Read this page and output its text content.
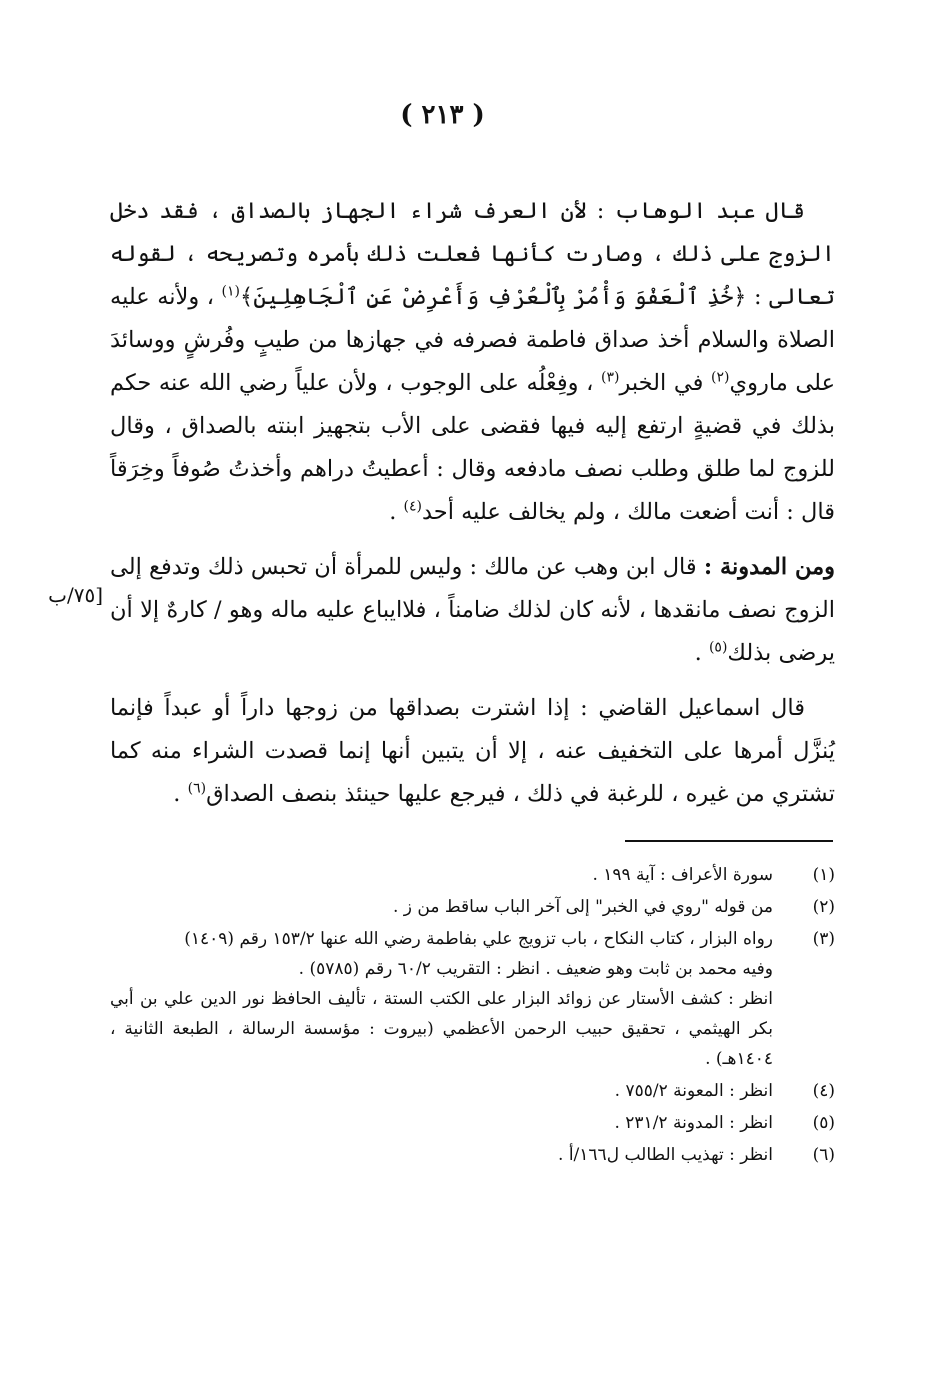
( ٢١٣ )
[٧٥/ب

قال عبد الوهاب : لأن العرف شراء الجهاز بالصداق ، فقد دخل الزوج على ذلك ، وصارت كأنها فعلت ذلك بأمره وتصريحه ، لقوله تعالى : ﴿خُذِ ٱلْعَفْوَ وَأْمُرْ بِٱلْعُرْفِ وَأَعْرِضْ عَنِ ٱلْجَاهِلِينَ﴾$^{(١)}$ ، ولأنه عليه الصلاة والسلام أخذ صداق فاطمة فصرفه في جهازها من طيبٍ وفُرشٍ ووسائدَ على ماروي$^{(٢)}$ في الخبر$^{(٣)}$ ، وفِعْلُه على الوجوب ، ولأن علياً رضي الله عنه حكم بذلك في قضيةٍ ارتفع إليه فيها فقضى على الأب بتجهيز ابنته بالصداق ، وقال للزوج لما طلق وطلب نصف مادفعه وقال : أعطيتُ دراهم وأخذتُ صُوفاً وخِرَقاً قال : أنت أضعت مالك ، ولم يخالف عليه أحد$^{(٤)}$ .

ومن المدونة : قال ابن وهب عن مالك : وليس للمرأة أن تحبس ذلك وتدفع إلى الزوج نصف مانقدها ، لأنه كان لذلك ضامناً ، فلاايباع عليه ماله وهو / كارهٌ إلا أن يرضى بذلك$^{(٥)}$ .

قال اسماعيل القاضي : إذا اشترت بصداقها من زوجها داراً أو عبداً فإنما يُنزَّل أمرها على التخفيف عنه ، إلا أن يتبين أنها إنما قصدت الشراء منه كما تشتري من غيره ، للرغبة في ذلك ، فيرجع عليها حينئذ بنصف الصداق$^{(٦)}$ .

(١)
سورة الأعراف : آية ١٩٩ .
(٢)
من قوله "روي في الخبر" إلى آخر الباب ساقط من ز .
(٣)
رواه البزار ، كتاب النكاح ، باب تزويج علي بفاطمة رضي الله عنها ١٥٣/٢ رقم (١٤٠٩)
وفيه محمد بن ثابت وهو ضعيف . انظر : التقريب ٦٠/٢ رقم (٥٧٨٥) .
انظر : كشف الأستار عن زوائد البزار على الكتب الستة ، تأليف الحافظ نور الدين علي بن أبي بكر الهيثمي ، تحقيق حبيب الرحمن الأعظمي (بيروت : مؤسسة الرسالة ، الطبعة الثانية ، ١٤٠٤هـ) .
(٤)
انظر : المعونة ٧٥٥/٢ .
(٥)
انظر : المدونة ٢٣١/٢ .
(٦)
انظر : تهذيب الطالب ل١٦٦/أ .
